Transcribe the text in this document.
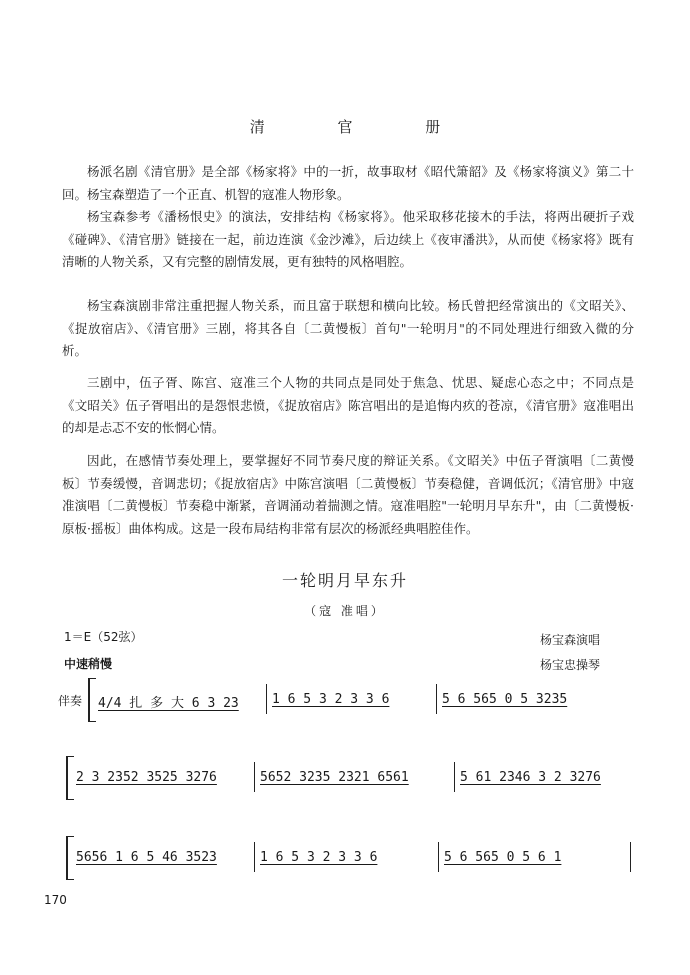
清 官 册

杨派名剧《清官册》是全部《杨家将》中的一折，故事取材《昭代箫韶》及《杨家将演义》第二十回。杨宝森塑造了一个正直、机智的寇准人物形象。

杨宝森参考《潘杨恨史》的演法，安排结构《杨家将》。他采取移花接木的手法，将两出硬折子戏《碰碑》、《清官册》链接在一起，前边连演《金沙滩》，后边续上《夜审潘洪》，从而使《杨家将》既有清晰的人物关系，又有完整的剧情发展，更有独特的风格唱腔。

杨宝森演剧非常注重把握人物关系，而且富于联想和横向比较。杨氏曾把经常演出的《文昭关》、《捉放宿店》、《清官册》三剧，将其各自〔二黄慢板〕首句"一轮明月"的不同处理进行细致入微的分析。

三剧中，伍子胥、陈宫、寇准三个人物的共同点是同处于焦急、忧思、疑虑心态之中；不同点是《文昭关》伍子胥唱出的是怨恨悲愤，《捉放宿店》陈宫唱出的是追悔内疚的苍凉，《清官册》寇准唱出的却是忐忑不安的怅惘心情。

因此，在感情节奏处理上，要掌握好不同节奏尺度的辩证关系。《文昭关》中伍子胥演唱〔二黄慢板〕节奏缓慢，音调悲切；《捉放宿店》中陈宫演唱〔二黄慢板〕节奏稳健，音调低沉；《清官册》中寇准演唱〔二黄慢板〕节奏稳中渐紧，音调涌动着揣测之情。寇准唱腔"一轮明月早东升"，由〔二黄慢板·原板·摇板〕曲体构成。这是一段布局结构非常有层次的杨派经典唱腔佳作。

一轮明月早东升
（寇 准唱）
1＝E（52弦）
中速稍慢
杨宝森演唱
杨宝忠操琴
伴奏 4/4 扎 多 大 6 3 23	1 6 5 3 2 3 3 6	5 6 565 0 5 3235
2 3 2352 3525 3276	5652 3235 2321 6561	5 61 2346 3 2 3276
5656 1 6 5 46 3523	1 6 5 3 2 3 3 6	5 6 565 0 5 6 1
170
